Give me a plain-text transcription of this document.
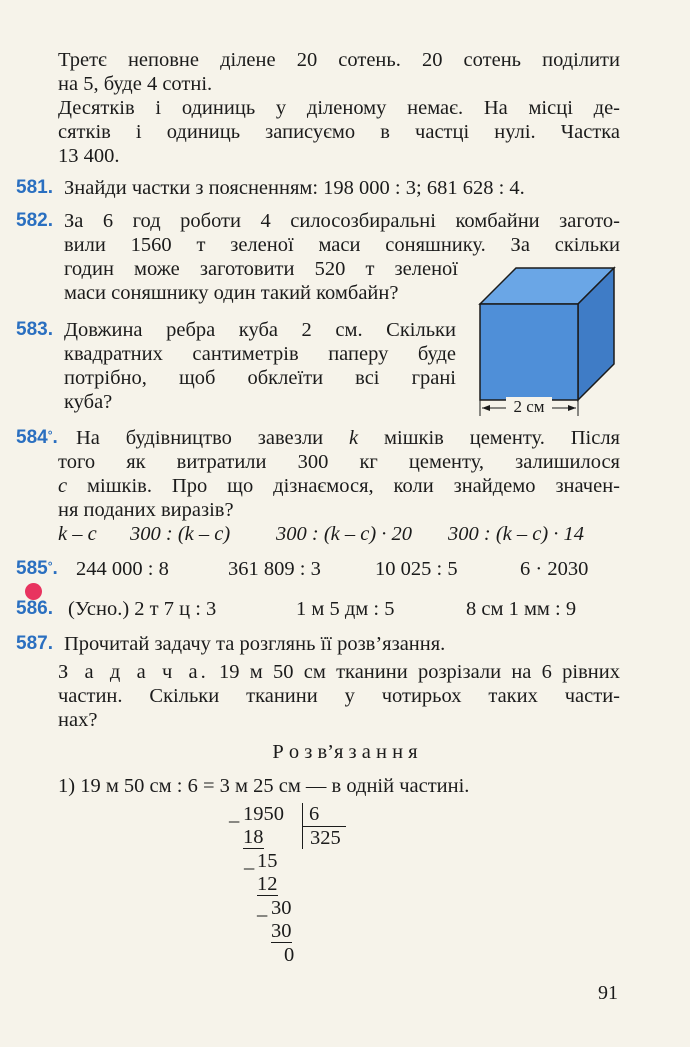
Третє неповне ділене 20 сотень. 20 сотень поділити
на 5, буде 4 сотні.
Десятків і одиниць у діленому немає. На місці де-
сятків і одиниць записуємо в частці нулі. Частка
13 400.
581. Знайди частки з поясненням: 198 000 : 3; 681 628 : 4.
582. За 6 год роботи 4 силосозбиральні комбайни загото-
вили 1560 т зеленої маси соняшнику. За скільки
годин може заготовити 520 т зеленої
маси соняшнику один такий комбайн?
583. Довжина ребра куба 2 см. Скільки
квадратних сантиметрів паперу буде
потрібно, щоб обклеїти всі грані
куба?	2 см
584°. На будівництво завезли k мішків цементу. Після
того як витратили 300 кг цементу, залишилося
c мішків. Про що дізнаємося, коли знайдемо значен-
ня поданих виразів?
k – c 300 : (k – c) 300 : (k – c) · 20 300 : (k – c) · 14
585°. 244 000 : 8	361 809 : 3	10 025 : 5	6 · 2030
586. (Усно.) 2 т 7 ц : 3	1 м 5 дм : 5	8 см 1 мм : 9
587. Прочитай задачу та розглянь її розв’язання.
З а д а ч а. 19 м 50 см тканини розрізали на 6 рівних
частин. Скільки тканини у чотирьох таких части-
нах?
Р о з в’я з а н н я
1) 19 м 50 см : 6 = 3 м 25 см — в одній частині.
_ 1950 6
325
18
_ 15
12
_ 30
30
0
91
